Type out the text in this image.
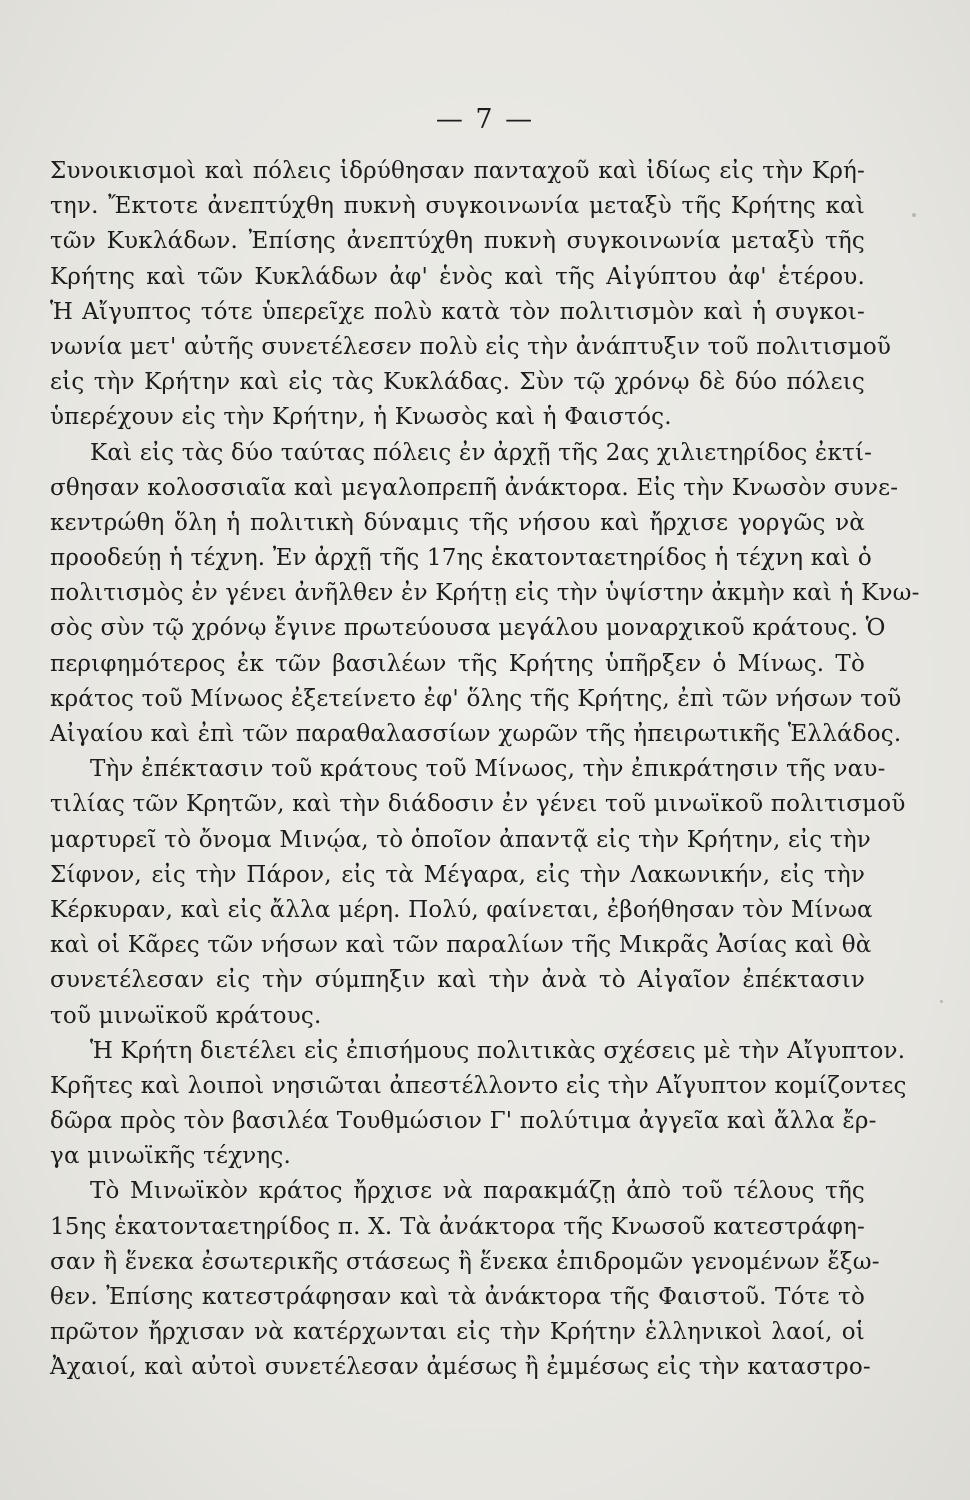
— 7 —
Συνοικισμοὶ καὶ πόλεις ἱδρύθησαν πανταχοῦ καὶ ἰδίως εἰς τὴν Κρή-
την. Ἔκτοτε ἀνεπτύχθη πυκνὴ συγκοινωνία μεταξὺ τῆς Κρήτης καὶ
τῶν Κυκλάδων. Ἐπίσης ἀνεπτύχθη πυκνὴ συγκοινωνία μεταξὺ τῆς
Κρήτης καὶ τῶν Κυκλάδων ἀφ' ἑνὸς καὶ τῆς Αἰγύπτου ἀφ' ἑτέρου.
Ἡ Αἴγυπτος τότε ὑπερεῖχε πολὺ κατὰ τὸν πολιτισμὸν καὶ ἡ συγκοι-
νωνία μετ' αὐτῆς συνετέλεσεν πολὺ εἰς τὴν ἀνάπτυξιν τοῦ πολιτισμοῦ
εἰς τὴν Κρήτην καὶ εἰς τὰς Κυκλάδας. Σὺν τῷ χρόνῳ δὲ δύο πόλεις
ὑπερέχουν εἰς τὴν Κρήτην, ἡ Κνωσὸς καὶ ἡ Φαιστός.
Καὶ εἰς τὰς δύο ταύτας πόλεις ἐν ἀρχῇ τῆς 2ας χιλιετηρίδος ἐκτί-
σθησαν κολοσσιαῖα καὶ μεγαλοπρεπῆ ἀνάκτορα. Εἰς τὴν Κνωσὸν συνε-
κεντρώθη ὅλη ἡ πολιτικὴ δύναμις τῆς νήσου καὶ ἤρχισε γοργῶς νὰ
προοδεύῃ ἡ τέχνη. Ἐν ἀρχῇ τῆς 17ης ἑκατονταετηρίδος ἡ τέχνη καὶ ὁ
πολιτισμὸς ἐν γένει ἀνῆλθεν ἐν Κρήτῃ εἰς τὴν ὑψίστην ἀκμὴν καὶ ἡ Κνω-
σὸς σὺν τῷ χρόνῳ ἔγινε πρωτεύουσα μεγάλου μοναρχικοῦ κράτους. Ὁ
περιφημότερος ἐκ τῶν βασιλέων τῆς Κρήτης ὑπῆρξεν ὁ Μίνως. Τὸ
κράτος τοῦ Μίνωος ἐξετείνετο ἐφ' ὅλης τῆς Κρήτης, ἐπὶ τῶν νήσων τοῦ
Αἰγαίου καὶ ἐπὶ τῶν παραθαλασσίων χωρῶν τῆς ἠπειρωτικῆς Ἑλλάδος.
Τὴν ἐπέκτασιν τοῦ κράτους τοῦ Μίνωος, τὴν ἐπικράτησιν τῆς ναυ-
τιλίας τῶν Κρητῶν, καὶ τὴν διάδοσιν ἐν γένει τοῦ μινωϊκοῦ πολιτισμοῦ
μαρτυρεῖ τὸ ὄνομα Μινῴα, τὸ ὁποῖον ἀπαντᾷ εἰς τὴν Κρήτην, εἰς τὴν
Σίφνον, εἰς τὴν Πάρον, εἰς τὰ Μέγαρα, εἰς τὴν Λακωνικήν, εἰς τὴν
Κέρκυραν, καὶ εἰς ἄλλα μέρη. Πολύ, φαίνεται, ἐβοήθησαν τὸν Μίνωα
καὶ οἱ Κᾶρες τῶν νήσων καὶ τῶν παραλίων τῆς Μικρᾶς Ἀσίας καὶ θὰ
συνετέλεσαν εἰς τὴν σύμπηξιν καὶ τὴν ἀνὰ τὸ Αἰγαῖον ἐπέκτασιν
τοῦ μινωϊκοῦ κράτους.
Ἡ Κρήτη διετέλει εἰς ἐπισήμους πολιτικὰς σχέσεις μὲ τὴν Αἴγυπτον.
Κρῆτες καὶ λοιποὶ νησιῶται ἀπεστέλλοντο εἰς τὴν Αἴγυπτον κομίζοντες
δῶρα πρὸς τὸν βασιλέα Τουθμώσιον Γ' πολύτιμα ἀγγεῖα καὶ ἄλλα ἔρ-
γα μινωϊκῆς τέχνης.
Τὸ Μινωϊκὸν κράτος ἤρχισε νὰ παρακμάζῃ ἀπὸ τοῦ τέλους τῆς
15ης ἑκατονταετηρίδος π. Χ. Τὰ ἀνάκτορα τῆς Κνωσοῦ κατεστράφη-
σαν ἢ ἕνεκα ἐσωτερικῆς στάσεως ἢ ἕνεκα ἐπιδρομῶν γενομένων ἔξω-
θεν. Ἐπίσης κατεστράφησαν καὶ τὰ ἀνάκτορα τῆς Φαιστοῦ. Τότε τὸ
πρῶτον ἤρχισαν νὰ κατέρχωνται εἰς τὴν Κρήτην ἑλληνικοὶ λαοί, οἱ
Ἀχαιοί, καὶ αὐτοὶ συνετέλεσαν ἀμέσως ἢ ἐμμέσως εἰς τὴν καταστρο-
